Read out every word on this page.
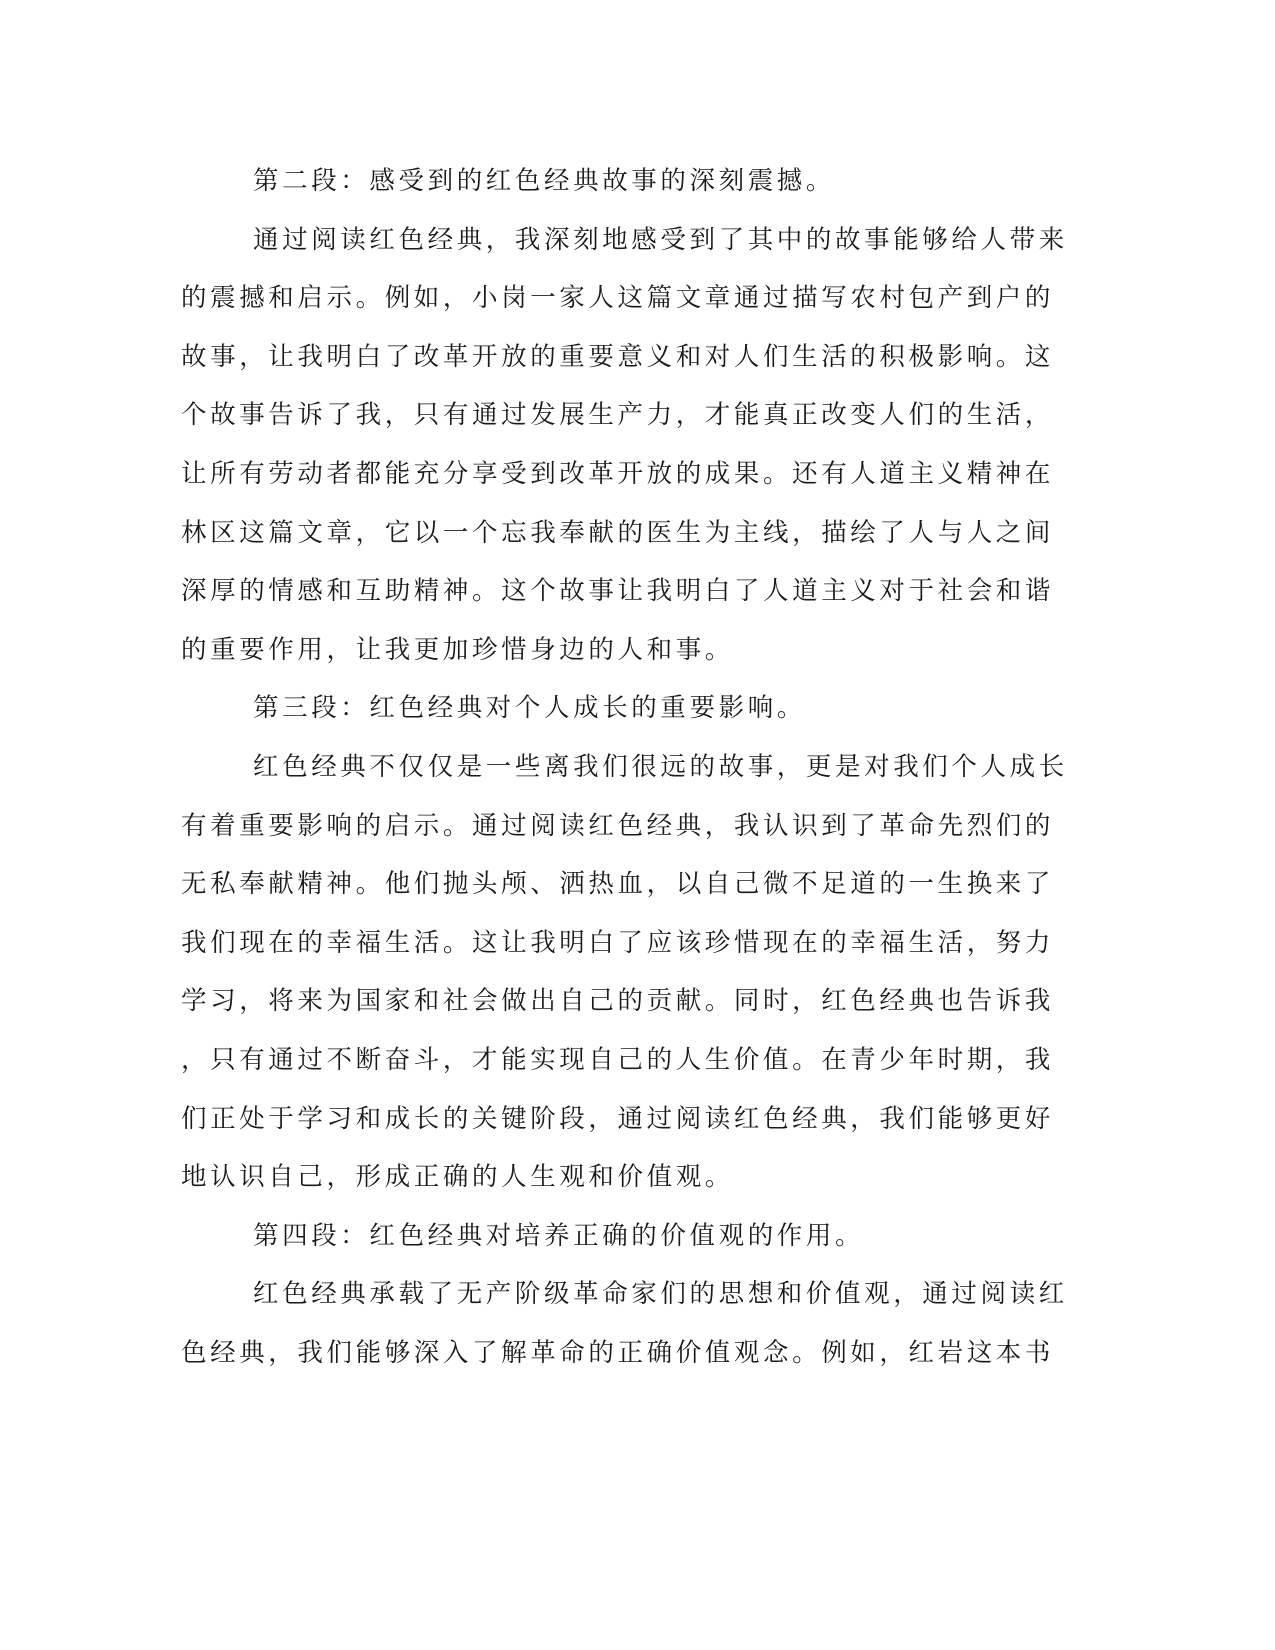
第二段：感受到的红色经典故事的深刻震撼。
通过阅读红色经典，我深刻地感受到了其中的故事能够给人带来
的震撼和启示。例如，小岗一家人这篇文章通过描写农村包产到户的
故事，让我明白了改革开放的重要意义和对人们生活的积极影响。这
个故事告诉了我，只有通过发展生产力，才能真正改变人们的生活，
让所有劳动者都能充分享受到改革开放的成果。还有人道主义精神在
林区这篇文章，它以一个忘我奉献的医生为主线，描绘了人与人之间
深厚的情感和互助精神。这个故事让我明白了人道主义对于社会和谐
的重要作用，让我更加珍惜身边的人和事。
第三段：红色经典对个人成长的重要影响。
红色经典不仅仅是一些离我们很远的故事，更是对我们个人成长
有着重要影响的启示。通过阅读红色经典，我认识到了革命先烈们的
无私奉献精神。他们抛头颅、洒热血，以自己微不足道的一生换来了
我们现在的幸福生活。这让我明白了应该珍惜现在的幸福生活，努力
学习，将来为国家和社会做出自己的贡献。同时，红色经典也告诉我
，只有通过不断奋斗，才能实现自己的人生价值。在青少年时期，我
们正处于学习和成长的关键阶段，通过阅读红色经典，我们能够更好
地认识自己，形成正确的人生观和价值观。
第四段：红色经典对培养正确的价值观的作用。
红色经典承载了无产阶级革命家们的思想和价值观，通过阅读红
色经典，我们能够深入了解革命的正确价值观念。例如，红岩这本书
